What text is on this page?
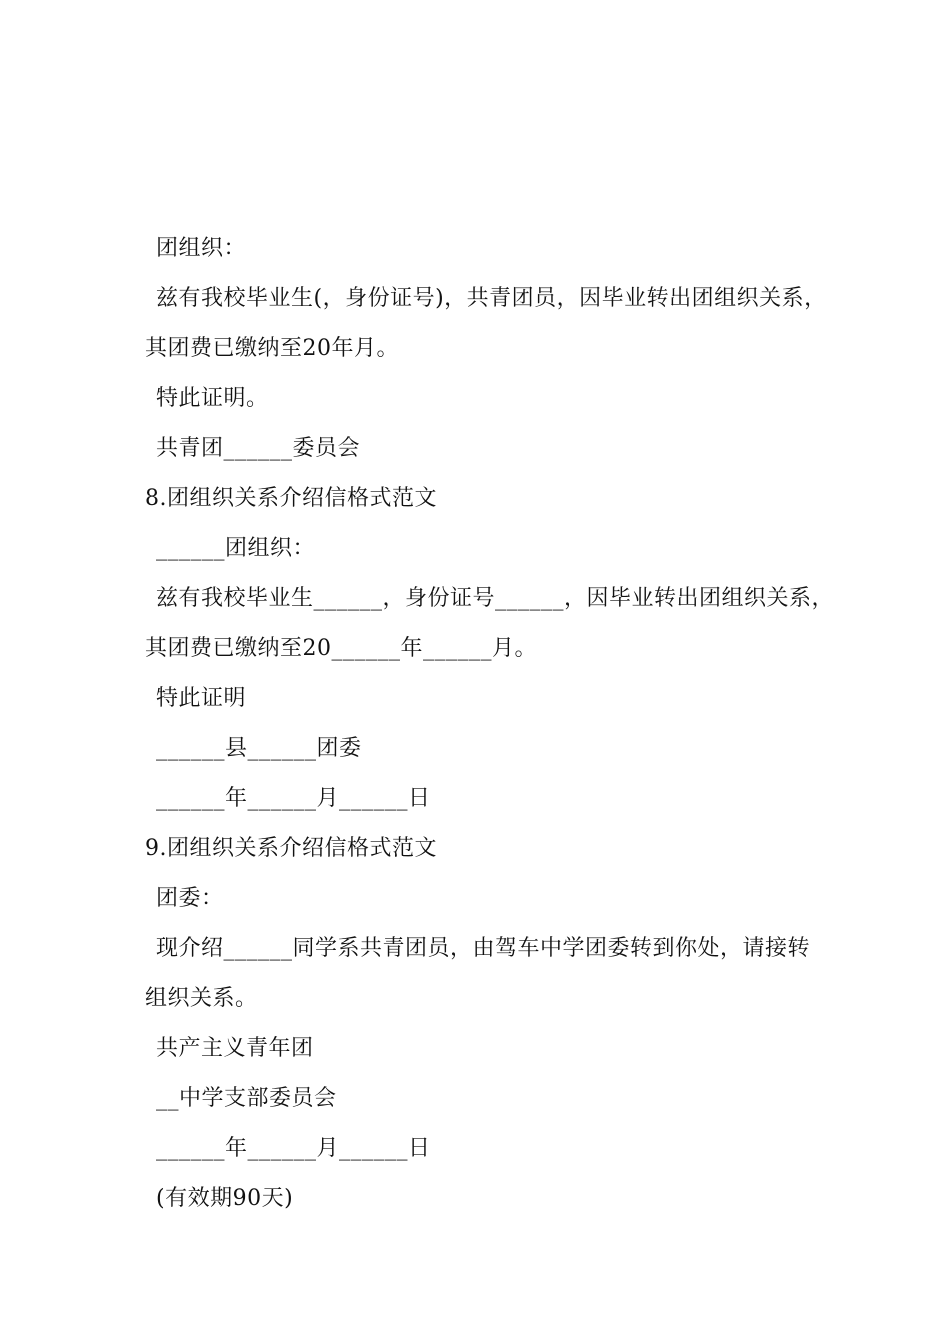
团组织：
兹有我校毕业生(，身份证号)，共青团员，因毕业转出团组织关系，
其团费已缴纳至20年月。
特此证明。
共青团______委员会
8.团组织关系介绍信格式范文
______团组织：
兹有我校毕业生______，身份证号______，因毕业转出团组织关系，
其团费已缴纳至20______年______月。
特此证明
______县______团委
______年______月______日
9.团组织关系介绍信格式范文
团委：
现介绍______同学系共青团员，由驾车中学团委转到你处，请接转
组织关系。
共产主义青年团
__中学支部委员会
______年______月______日
(有效期90天)
